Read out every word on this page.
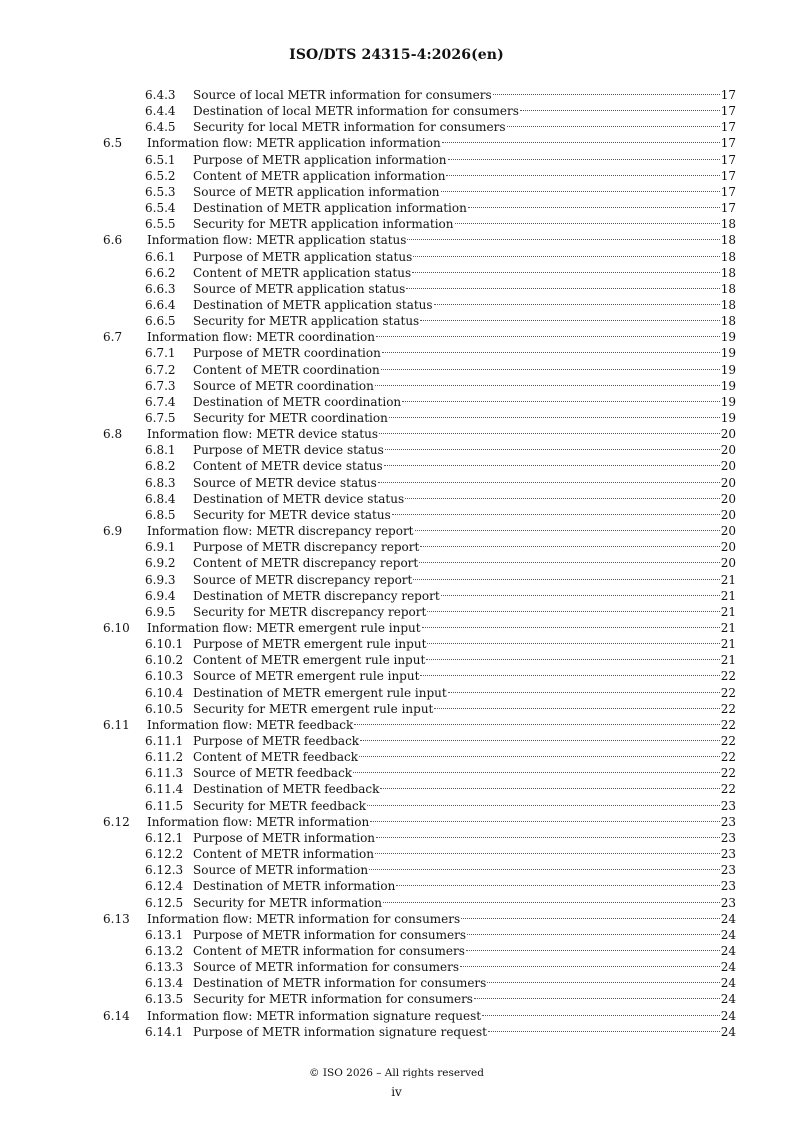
ISO/DTS 24315-4:2026(en)
6.4.3 Source of local METR information for consumers	17
6.4.4 Destination of local METR information for consumers	17
6.4.5 Security for local METR information for consumers	17
6.5 Information flow: METR application information	17
6.5.1 Purpose of METR application information	17
6.5.2 Content of METR application information	17
6.5.3 Source of METR application information	17
6.5.4 Destination of METR application information	17
6.5.5 Security for METR application information	18
6.6 Information flow: METR application status	18
6.6.1 Purpose of METR application status	18
6.6.2 Content of METR application status	18
6.6.3 Source of METR application status	18
6.6.4 Destination of METR application status	18
6.6.5 Security for METR application status	18
6.7 Information flow: METR coordination	19
6.7.1 Purpose of METR coordination	19
6.7.2 Content of METR coordination	19
6.7.3 Source of METR coordination	19
6.7.4 Destination of METR coordination	19
6.7.5 Security for METR coordination	19
6.8 Information flow: METR device status	20
6.8.1 Purpose of METR device status	20
6.8.2 Content of METR device status	20
6.8.3 Source of METR device status	20
6.8.4 Destination of METR device status	20
6.8.5 Security for METR device status	20
6.9 Information flow: METR discrepancy report	20
6.9.1 Purpose of METR discrepancy report	20
6.9.2 Content of METR discrepancy report	20
6.9.3 Source of METR discrepancy report	21
6.9.4 Destination of METR discrepancy report	21
6.9.5 Security for METR discrepancy report	21
6.10 Information flow: METR emergent rule input	21
6.10.1 Purpose of METR emergent rule input	21
6.10.2 Content of METR emergent rule input	21
6.10.3 Source of METR emergent rule input	22
6.10.4 Destination of METR emergent rule input	22
6.10.5 Security for METR emergent rule input	22
6.11 Information flow: METR feedback	22
6.11.1 Purpose of METR feedback	22
6.11.2 Content of METR feedback	22
6.11.3 Source of METR feedback	22
6.11.4 Destination of METR feedback	22
6.11.5 Security for METR feedback	23
6.12 Information flow: METR information	23
6.12.1 Purpose of METR information	23
6.12.2 Content of METR information	23
6.12.3 Source of METR information	23
6.12.4 Destination of METR information	23
6.12.5 Security for METR information	23
6.13 Information flow: METR information for consumers	24
6.13.1 Purpose of METR information for consumers	24
6.13.2 Content of METR information for consumers	24
6.13.3 Source of METR information for consumers	24
6.13.4 Destination of METR information for consumers	24
6.13.5 Security for METR information for consumers	24
6.14 Information flow: METR information signature request	24
6.14.1 Purpose of METR information signature request	24
© ISO 2026 – All rights reserved
iv
